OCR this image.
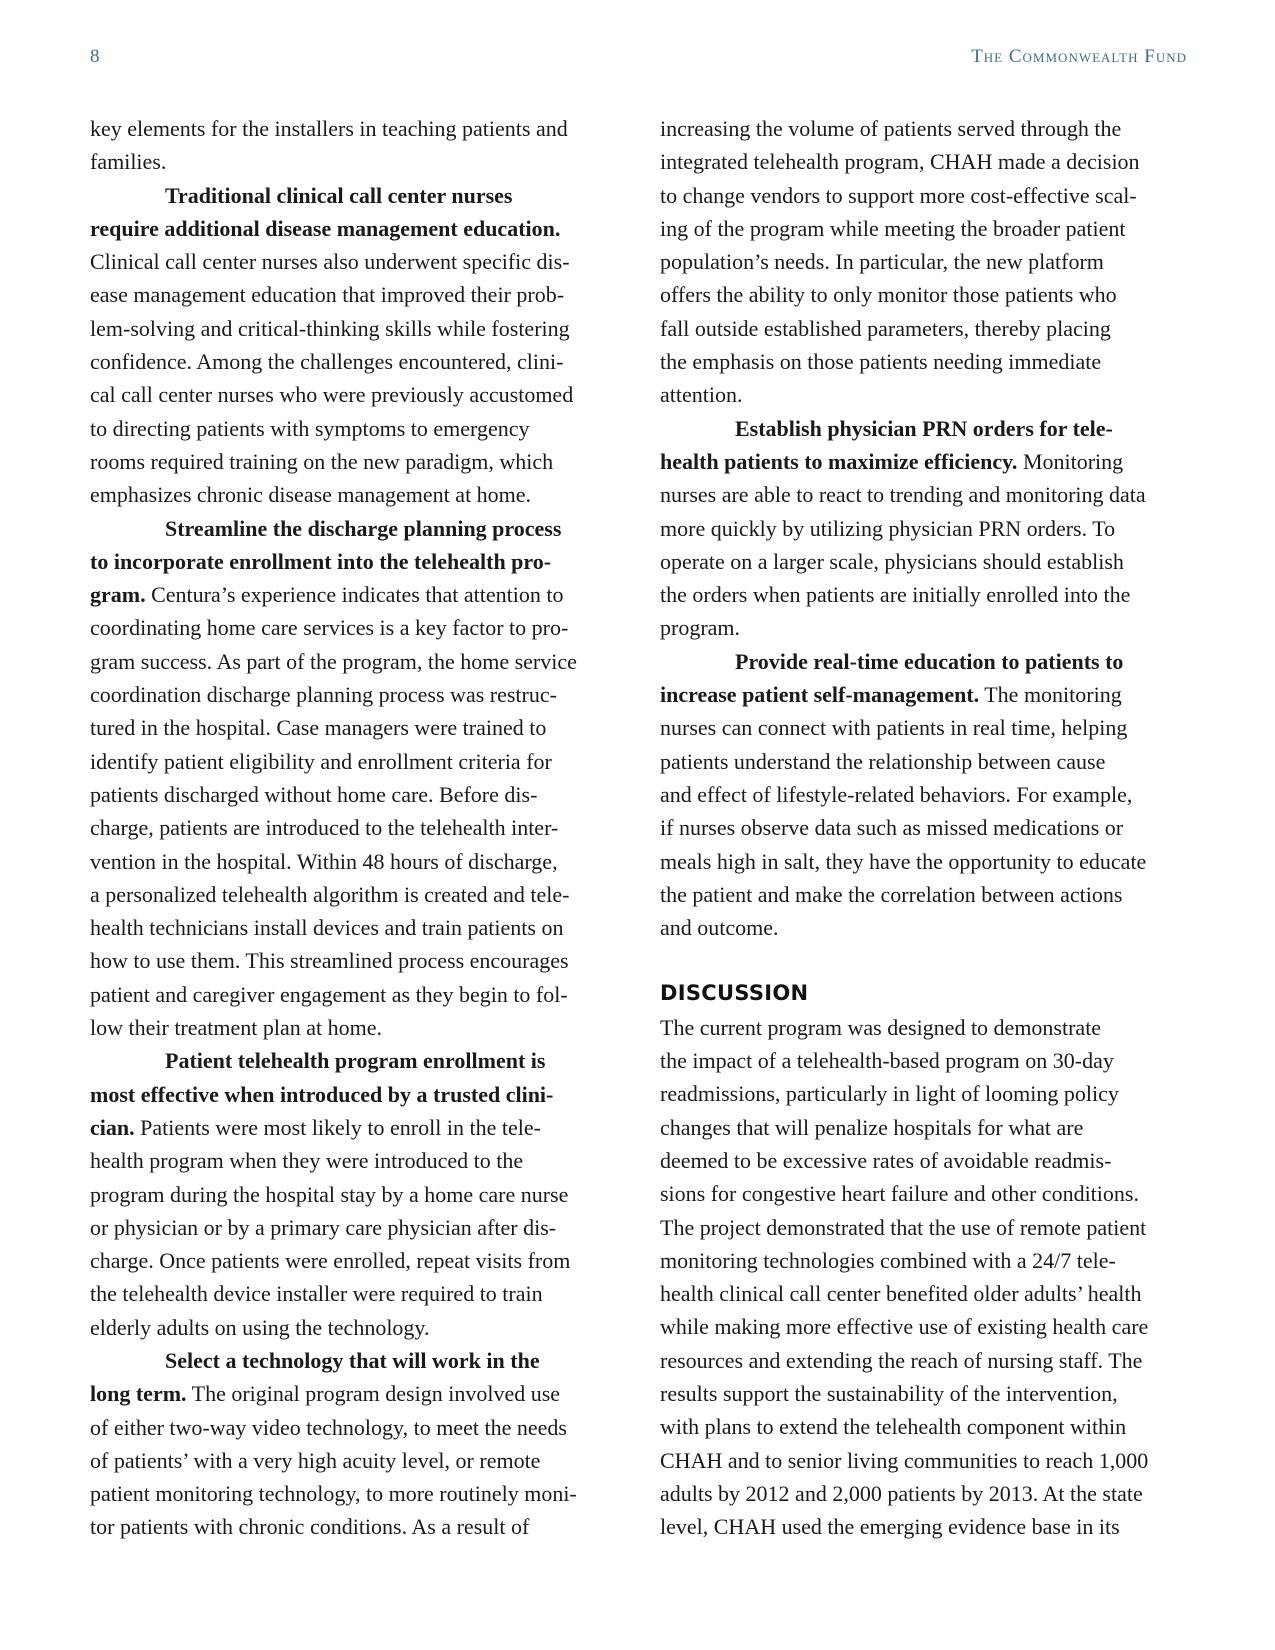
8	The Commonwealth Fund
key elements for the installers in teaching patients and
families.
Traditional clinical call center nurses
require additional disease management education.
Clinical call center nurses also underwent specific dis-
ease management education that improved their prob-
lem-solving and critical-thinking skills while fostering
confidence. Among the challenges encountered, clini-
cal call center nurses who were previously accustomed
to directing patients with symptoms to emergency
rooms required training on the new paradigm, which
emphasizes chronic disease management at home.
Streamline the discharge planning process
to incorporate enrollment into the telehealth pro-
gram. Centura’s experience indicates that attention to
coordinating home care services is a key factor to pro-
gram success. As part of the program, the home service
coordination discharge planning process was restruc-
tured in the hospital. Case managers were trained to
identify patient eligibility and enrollment criteria for
patients discharged without home care. Before dis-
charge, patients are introduced to the telehealth inter-
vention in the hospital. Within 48 hours of discharge,
a personalized telehealth algorithm is created and tele-
health technicians install devices and train patients on
how to use them. This streamlined process encourages
patient and caregiver engagement as they begin to fol-
low their treatment plan at home.
Patient telehealth program enrollment is
most effective when introduced by a trusted clini-
cian. Patients were most likely to enroll in the tele-
health program when they were introduced to the
program during the hospital stay by a home care nurse
or physician or by a primary care physician after dis-
charge. Once patients were enrolled, repeat visits from
the telehealth device installer were required to train
elderly adults on using the technology.
Select a technology that will work in the
long term. The original program design involved use
of either two-way video technology, to meet the needs
of patients’ with a very high acuity level, or remote
patient monitoring technology, to more routinely moni-
tor patients with chronic conditions. As a result of
increasing the volume of patients served through the
integrated telehealth program, CHAH made a decision
to change vendors to support more cost-effective scal-
ing of the program while meeting the broader patient
population’s needs. In particular, the new platform
offers the ability to only monitor those patients who
fall outside established parameters, thereby placing
the emphasis on those patients needing immediate
attention.
Establish physician PRN orders for tele-
health patients to maximize efficiency. Monitoring
nurses are able to react to trending and monitoring data
more quickly by utilizing physician PRN orders. To
operate on a larger scale, physicians should establish
the orders when patients are initially enrolled into the
program.
Provide real-time education to patients to
increase patient self-management. The monitoring
nurses can connect with patients in real time, helping
patients understand the relationship between cause
and effect of lifestyle-related behaviors. For example,
if nurses observe data such as missed medications or
meals high in salt, they have the opportunity to educate
the patient and make the correlation between actions
and outcome.
DISCUSSION
The current program was designed to demonstrate
the impact of a telehealth-based program on 30-day
readmissions, particularly in light of looming policy
changes that will penalize hospitals for what are
deemed to be excessive rates of avoidable readmis-
sions for congestive heart failure and other conditions.
The project demonstrated that the use of remote patient
monitoring technologies combined with a 24/7 tele-
health clinical call center benefited older adults’ health
while making more effective use of existing health care
resources and extending the reach of nursing staff. The
results support the sustainability of the intervention,
with plans to extend the telehealth component within
CHAH and to senior living communities to reach 1,000
adults by 2012 and 2,000 patients by 2013. At the state
level, CHAH used the emerging evidence base in its
